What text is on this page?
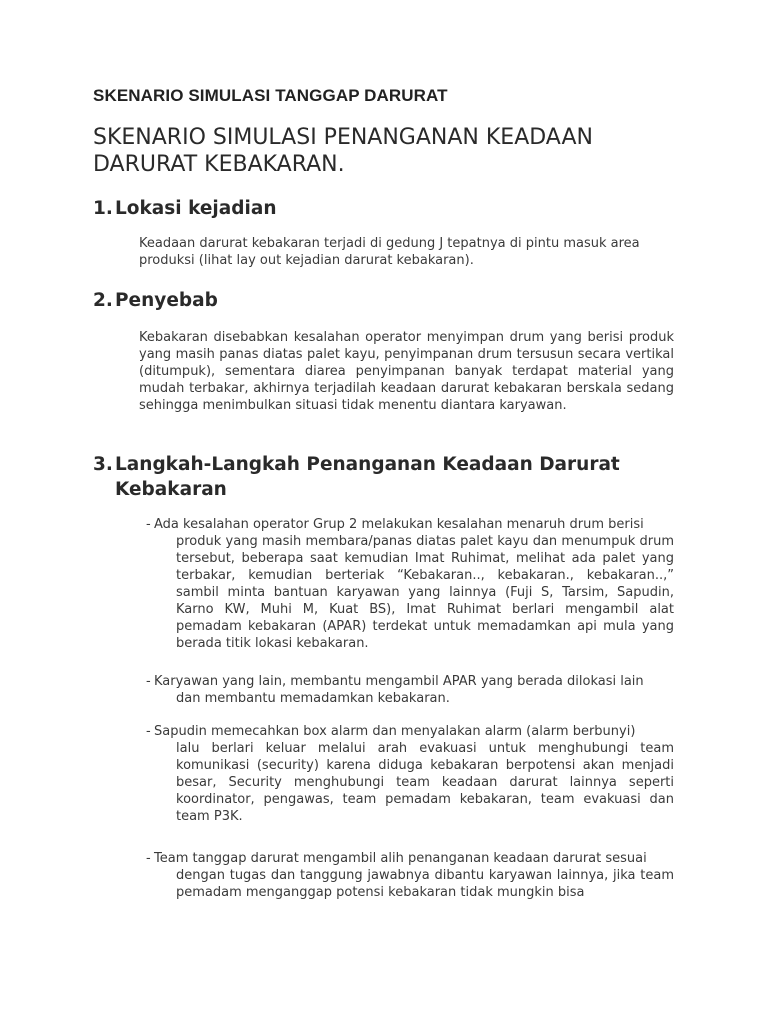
SKENARIO SIMULASI TANGGAP DARURAT
SKENARIO SIMULASI PENANGANAN KEADAAN DARURAT KEBAKARAN.
1. Lokasi kejadian

Keadaan darurat kebakaran terjadi di gedung J tepatnya di pintu masuk area produksi (lihat lay out kejadian darurat kebakaran).

2. Penyebab

Kebakaran disebabkan kesalahan operator menyimpan drum yang berisi produk yang masih panas diatas palet kayu, penyimpanan drum tersusun secara vertikal (ditumpuk), sementara diarea penyimpanan banyak terdapat material yang mudah terbakar, akhirnya terjadilah keadaan darurat kebakaran berskala sedang sehingga menimbulkan situasi tidak menentu diantara karyawan.

3. Langkah-Langkah Penanganan Keadaan Darurat Kebakaran
- Ada kesalahan operator Grup 2 melakukan kesalahan menaruh drum berisi
produk yang masih membara/panas diatas palet kayu dan menumpuk drum tersebut, beberapa saat kemudian Imat Ruhimat, melihat ada palet yang terbakar, kemudian berteriak “Kebakaran.., kebakaran., kebakaran..,” sambil minta bantuan karyawan yang lainnya (Fuji S, Tarsim, Sapudin, Karno KW, Muhi M, Kuat BS), Imat Ruhimat berlari mengambil alat pemadam kebakaran (APAR) terdekat untuk memadamkan api mula yang berada titik lokasi kebakaran.
- Karyawan yang lain, membantu mengambil APAR yang berada dilokasi lain
dan membantu memadamkan kebakaran.
- Sapudin memecahkan box alarm dan menyalakan alarm (alarm berbunyi)
lalu berlari keluar melalui arah evakuasi untuk menghubungi team komunikasi (security) karena diduga kebakaran berpotensi akan menjadi besar, Security menghubungi team keadaan darurat lainnya seperti koordinator, pengawas, team pemadam kebakaran, team evakuasi dan team P3K.
- Team tanggap darurat mengambil alih penanganan keadaan darurat sesuai
dengan tugas dan tanggung jawabnya dibantu karyawan lainnya, jika team pemadam menganggap potensi kebakaran tidak mungkin bisa
